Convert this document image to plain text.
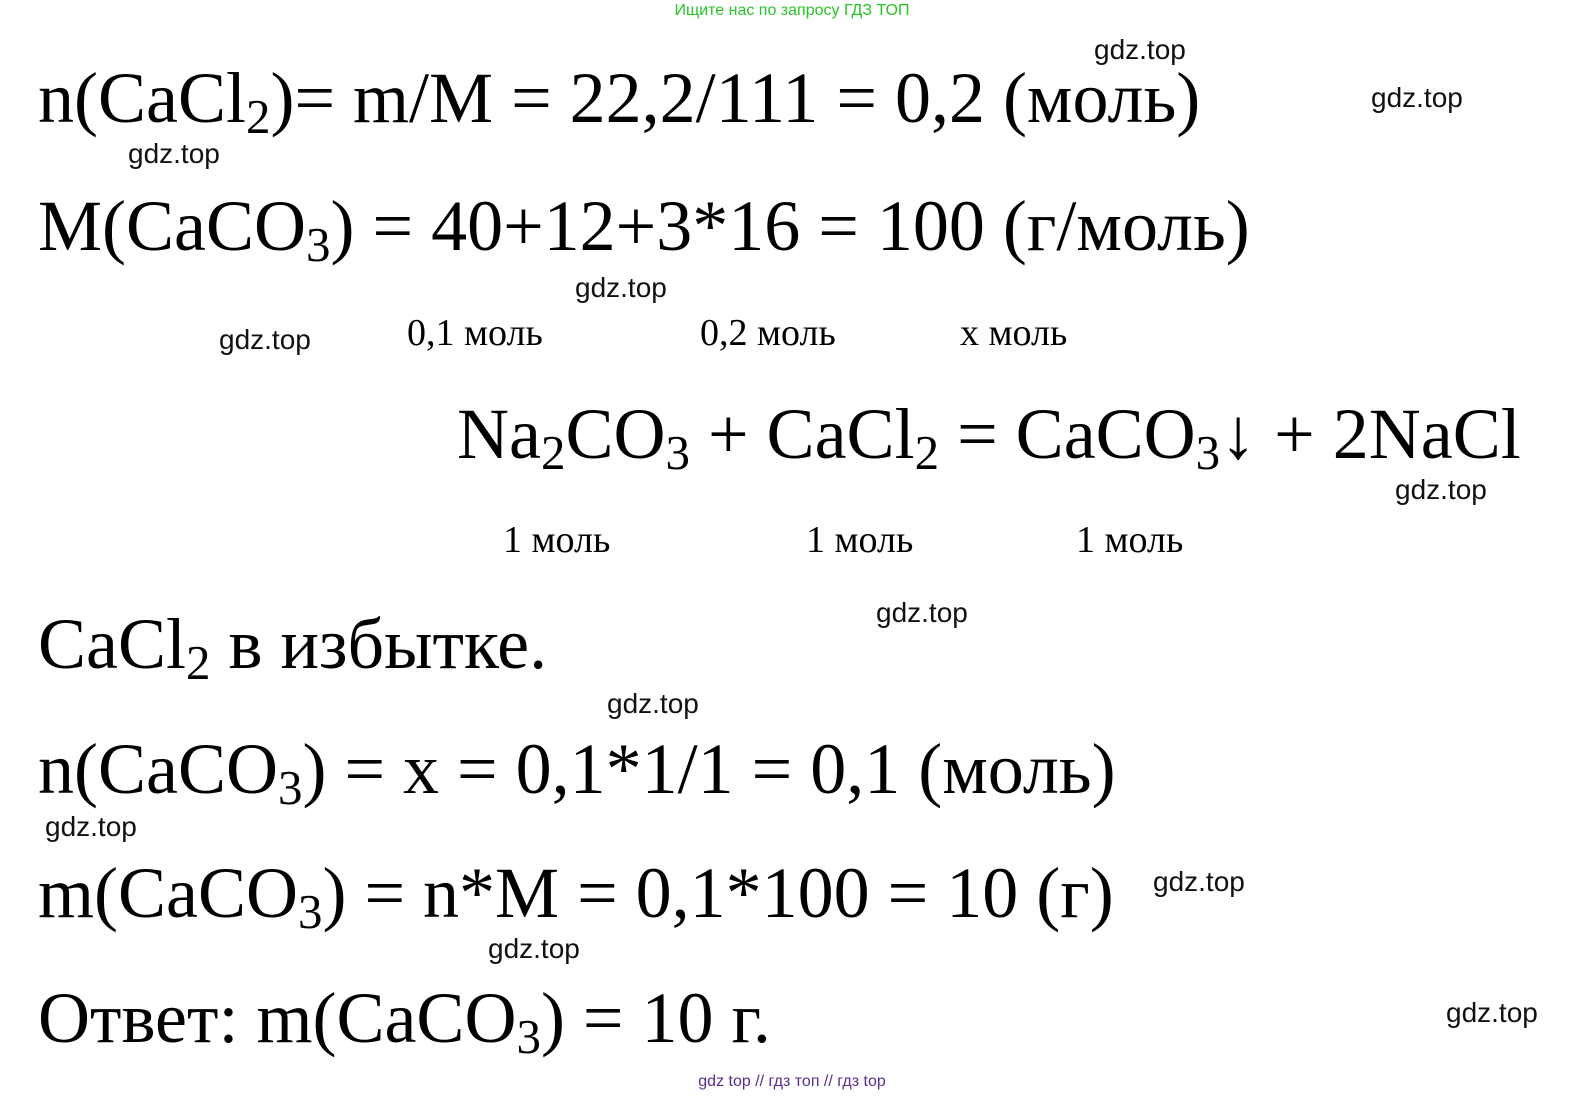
Ищите нас по запросу ГДЗ ТОП
n(CaCl$_2$)= m/M = 22,2/111 = 0,2 (моль)
M(CaCO$_3$) = 40+12+3*16 = 100 (г/моль)
0,1 моль	0,2 моль	x моль
$Na_2CO_3$ + CaCl$_2$ = CaCO$_3$↓ + 2NaCl
1 моль	1 моль	1 моль
CaCl$_2$ в избытке.
n(CaCO$_3$) = x = 0,1*1/1 = 0,1 (моль)
m(CaCO$_3$) = n*M = 0,1*100 = 10 (г)
Ответ: m(CaCO$_3$) = 10 г.
gdz.top
gdz.top
gdz.top
gdz.top
gdz.top
gdz.top
gdz.top
gdz.top
gdz.top
gdz.top
gdz.top
gdz.top
gdz top // гдз топ // гдз top
